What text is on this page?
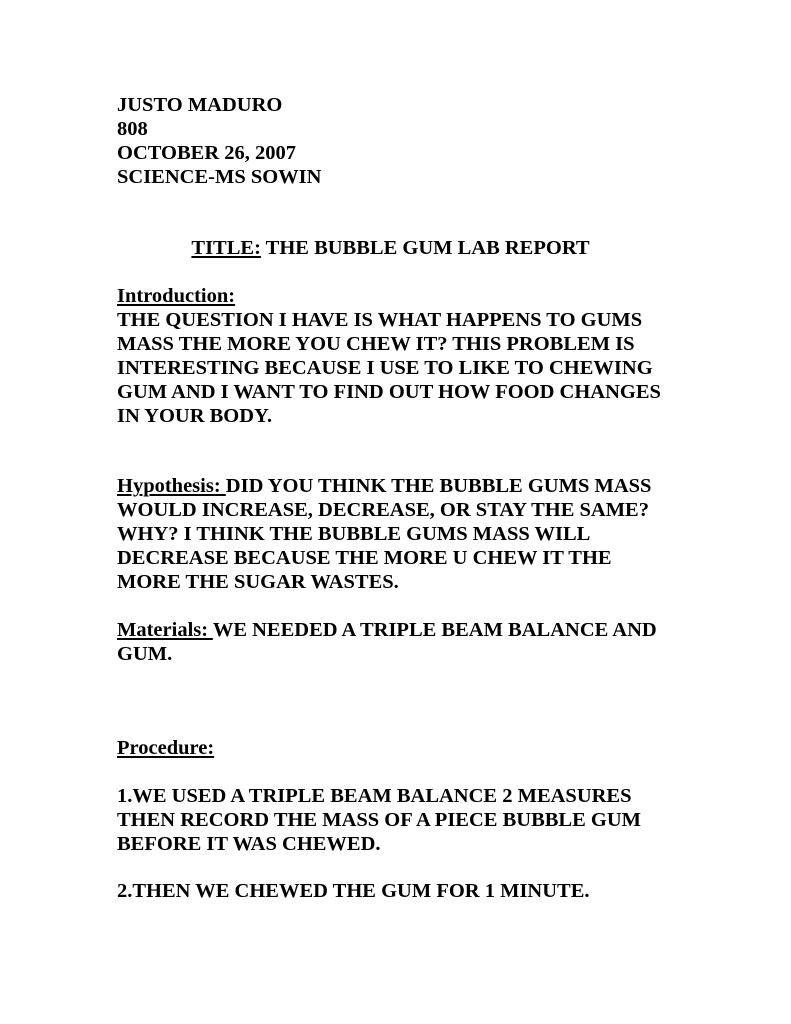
JUSTO MADURO
808
OCTOBER 26, 2007
SCIENCE-MS SOWIN
TITLE: THE BUBBLE GUM LAB REPORT
Introduction:
THE QUESTION I HAVE IS WHAT HAPPENS TO GUMS
MASS THE MORE YOU CHEW IT? THIS PROBLEM IS
INTERESTING BECAUSE I USE TO LIKE TO CHEWING
GUM AND I WANT TO FIND OUT HOW FOOD CHANGES
IN YOUR BODY.
Hypothesis: DID YOU THINK THE BUBBLE GUMS MASS
WOULD INCREASE, DECREASE, OR STAY THE SAME?
WHY? I THINK THE BUBBLE GUMS MASS WILL
DECREASE BECAUSE THE MORE U CHEW IT THE
MORE THE SUGAR WASTES.
Materials: WE NEEDED A TRIPLE BEAM BALANCE AND
GUM.
Procedure:
1.WE USED A TRIPLE BEAM BALANCE 2 MEASURES
THEN RECORD THE MASS OF A PIECE BUBBLE GUM
BEFORE IT WAS CHEWED.
2.THEN WE CHEWED THE GUM FOR 1 MINUTE.
